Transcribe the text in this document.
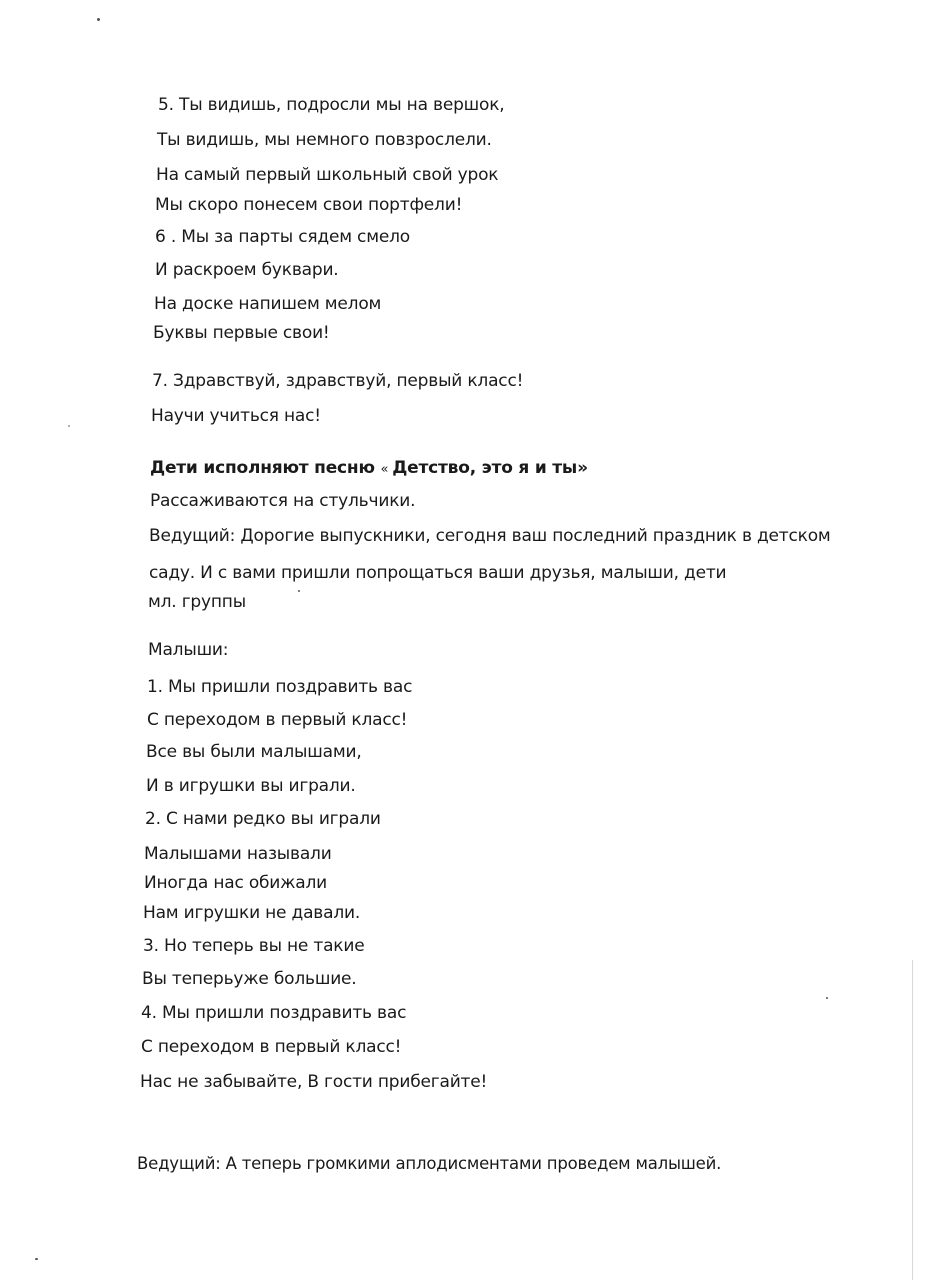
5. Ты видишь, подросли мы на вершок,
Ты видишь, мы немного повзрослели.
На самый первый школьный свой урок
Мы скоро понесем свои портфели!
6 . Мы за парты сядем смело
И раскроем буквари.
На доске напишем мелом
Буквы первые свои!
7. Здравствуй, здравствуй, первый класс!
Научи учиться нас!
Дети исполняют песню « Детство, это я и ты»
Рассаживаются на стульчики.
Ведущий: Дорогие выпускники, сегодня ваш последний праздник в детском
саду. И с вами пришли попрощаться ваши друзья, малыши, дети
мл. группы
Малыши:
1. Мы пришли поздравить вас
С переходом в первый класс!
Все вы были малышами,
И в игрушки вы играли.
2. С нами редко вы играли
Малышами называли
Иногда нас обижали
Нам игрушки не давали.
3. Но теперь вы не такие
Вы теперьуже большие.
4. Мы пришли поздравить вас
С переходом в первый класс!
Нас не забывайте, В гости прибегайте!
Ведущий: А теперь громкими аплодисментами проведем малышей.
